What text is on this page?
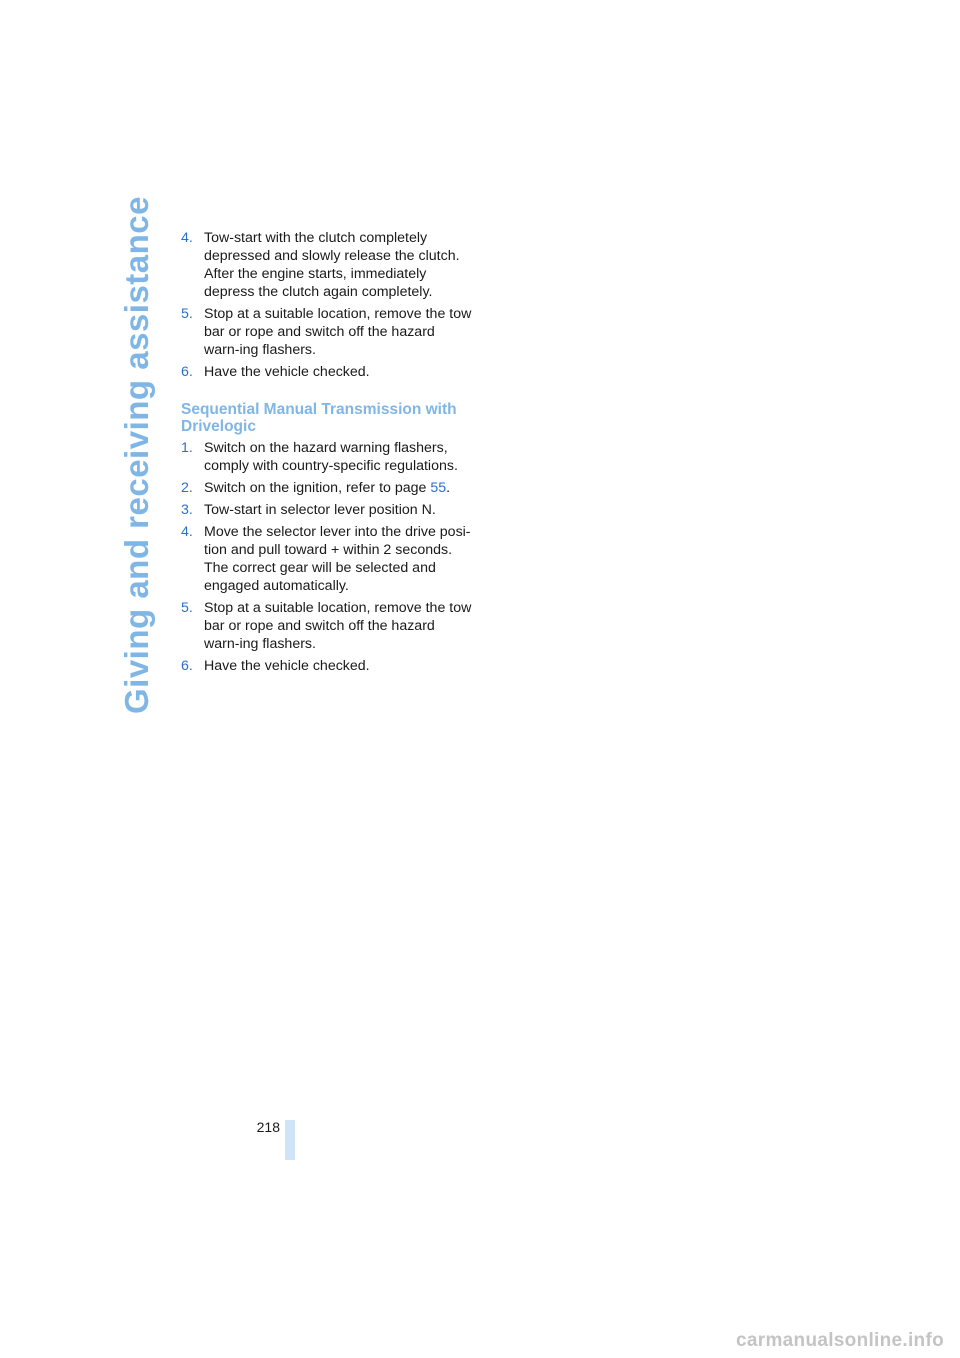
Giving and receiving assistance 4. Tow-start with the clutch completely depressed and slowly release the clutch. After the engine starts, immediately depress the clutch again completely.
5. Stop at a suitable location, remove the tow bar or rope and switch off the hazard warn-ing flashers.
6. Have the vehicle checked.
Sequential Manual Transmission with
Drivelogic
1. Switch on the hazard warning flashers, comply with country-specific regulations.
2. Switch on the ignition, refer to page 55.
3. Tow-start in selector lever position N.
4. Move the selector lever into the drive posi-tion and pull toward + within 2 seconds. The correct gear will be selected and engaged automatically.
5. Stop at a suitable location, remove the tow bar or rope and switch off the hazard warn-ing flashers.
6. Have the vehicle checked.
218
carmanualsonline.info
